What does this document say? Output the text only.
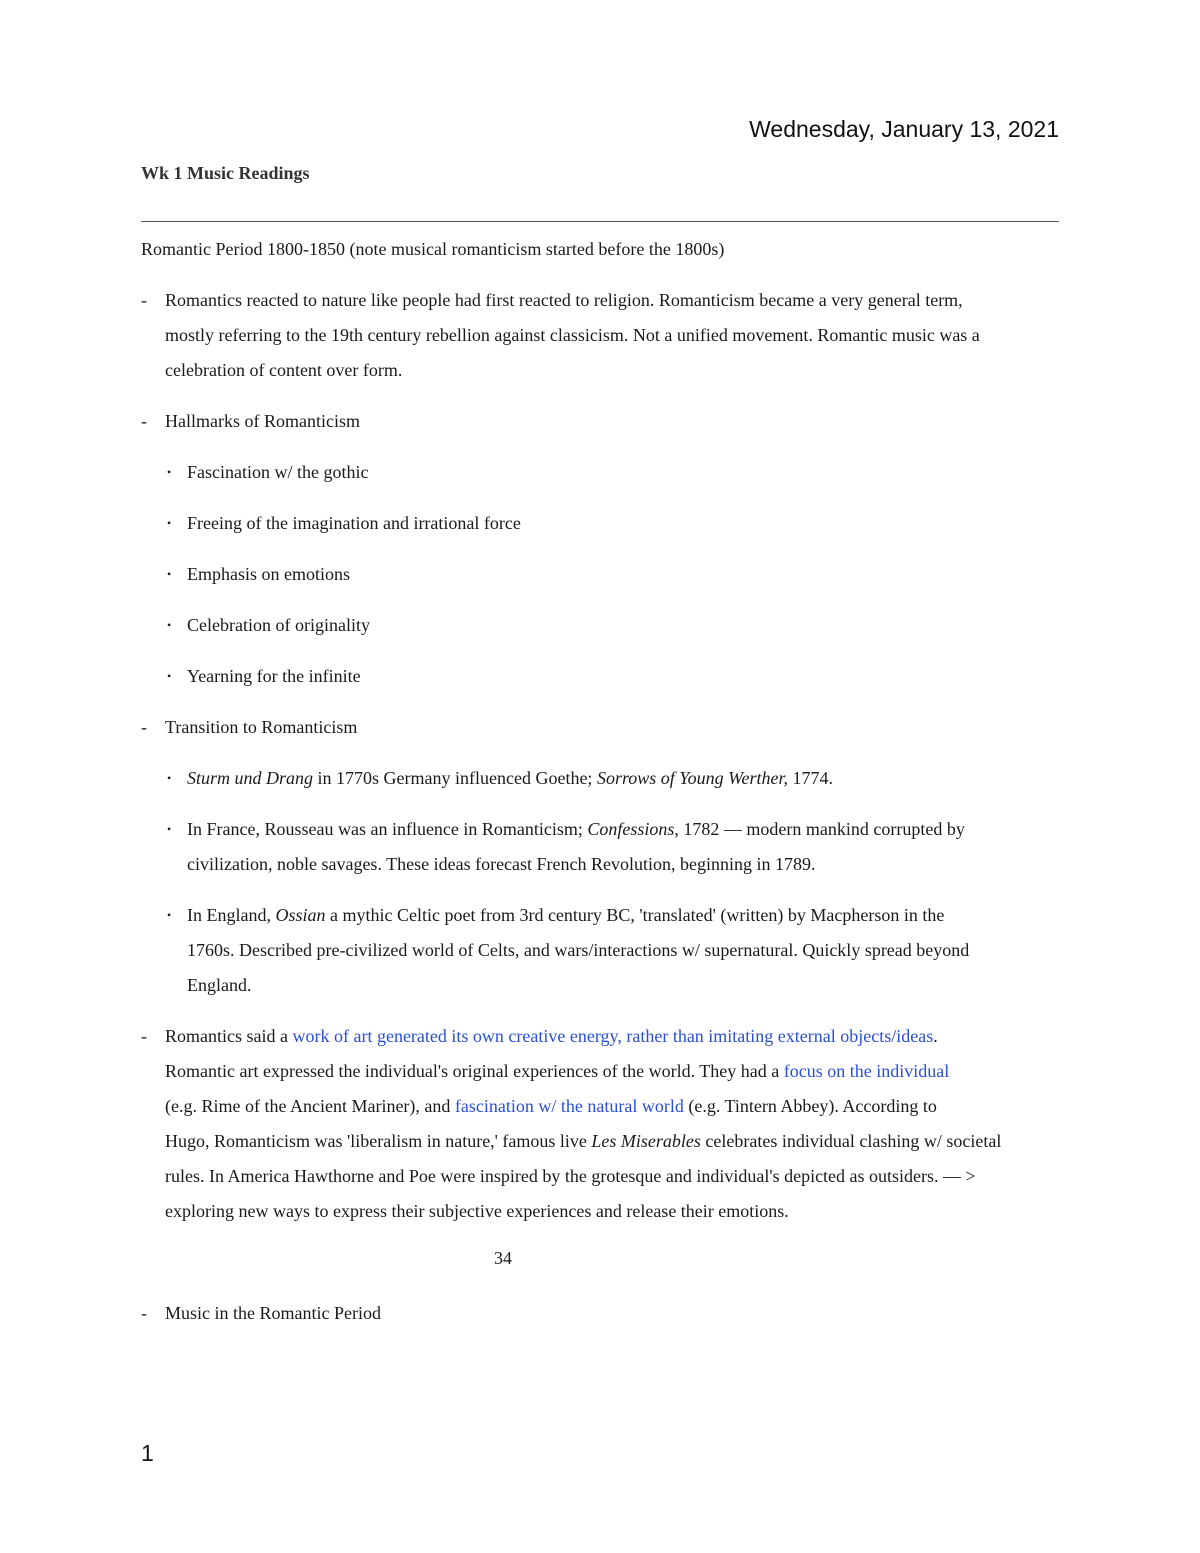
Wednesday, January 13, 2021
Wk 1 Music Readings
Romantic Period 1800-1850 (note musical romanticism started before the 1800s)
- Romantics reacted to nature like people had first reacted to religion. Romanticism became a very general term,
mostly referring to the 19th century rebellion against classicism. Not a unified movement. Romantic music was a
celebration of content over form.
- Hallmarks of Romanticism
• Fascination w/ the gothic
• Freeing of the imagination and irrational force
• Emphasis on emotions
• Celebration of originality
• Yearning for the infinite
- Transition to Romanticism
• Sturm und Drang in 1770s Germany influenced Goethe; Sorrows of Young Werther, 1774.
• In France, Rousseau was an influence in Romanticism; Confessions, 1782 — modern mankind corrupted by
civilization, noble savages. These ideas forecast French Revolution, beginning in 1789.
• In England, Ossian a mythic Celtic poet from 3rd century BC, 'translated' (written) by Macpherson in the
1760s. Described pre-civilized world of Celts, and wars/interactions w/ supernatural. Quickly spread beyond
England.
- Romantics said a work of art generated its own creative energy, rather than imitating external objects/ideas.
Romantic art expressed the individual's original experiences of the world. They had a focus on the individual
(e.g. Rime of the Ancient Mariner), and fascination w/ the natural world (e.g. Tintern Abbey). According to
Hugo, Romanticism was 'liberalism in nature,' famous live Les Miserables celebrates individual clashing w/ societal
rules. In America Hawthorne and Poe were inspired by the grotesque and individual's depicted as outsiders. — >
exploring new ways to express their subjective experiences and release their emotions.
34
- Music in the Romantic Period
1
